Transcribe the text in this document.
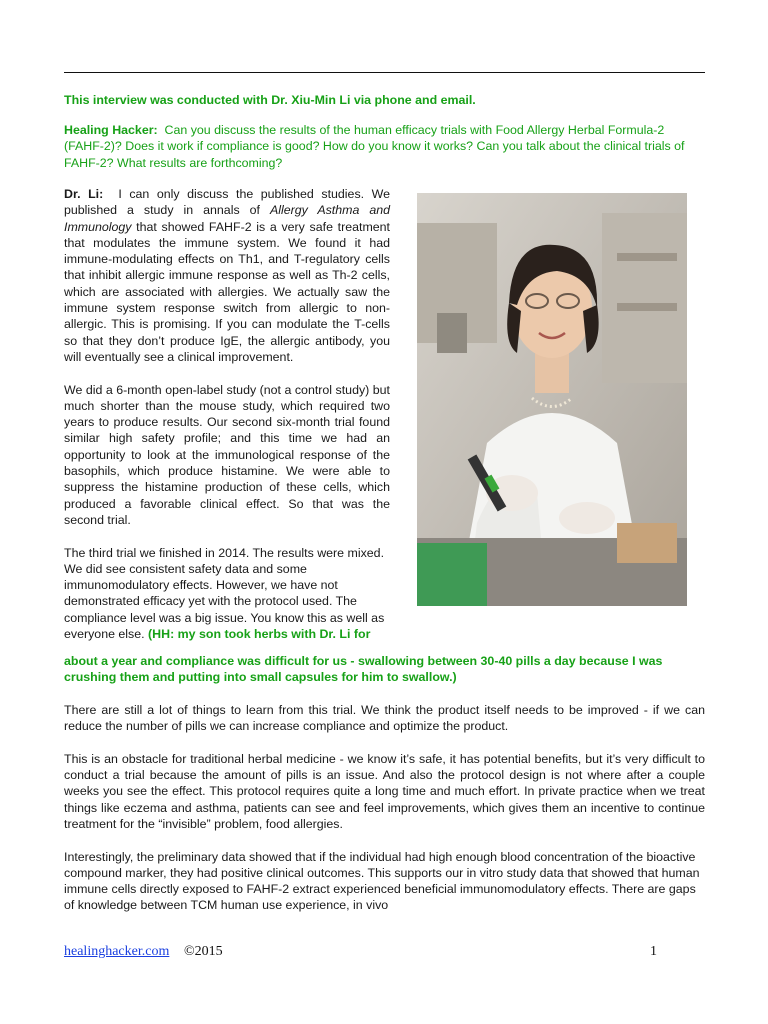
This interview was conducted with Dr. Xiu-Min Li via phone and email.
Healing Hacker: Can you discuss the results of the human efficacy trials with Food Allergy Herbal Formula-2 (FAHF-2)? Does it work if compliance is good? How do you know it works? Can you talk about the clinical trials of FAHF-2? What results are forthcoming?

Dr. Li: I can only discuss the published studies. We published a study in annals of Allergy Asthma and Immunology that showed FAHF-2 is a very safe treatment that modulates the immune system. We found it had immune-modulating effects on Th1, and T-regulatory cells that inhibit allergic immune response as well as Th-2 cells, which are associated with allergies. We actually saw the immune system response switch from allergic to non-allergic. This is promising. If you can modulate the T-cells so that they don’t produce IgE, the allergic antibody, you will eventually see a clinical improvement.

We did a 6-month open-label study (not a control study) but much shorter than the mouse study, which required two years to produce results. Our second six-month trial found similar high safety profile; and this time we had an opportunity to look at the immunological response of the basophils, which produce histamine. We were able to suppress the histamine production of these cells, which produced a favorable clinical effect. So that was the second trial.

The third trial we finished in 2014. The results were mixed. We did see consistent safety data and some immunomodulatory effects. However, we have not demonstrated efficacy yet with the protocol used. The compliance level was a big issue. You know this as well as everyone else. (HH: my son took herbs with Dr. Li for

about a year and compliance was difficult for us - swallowing between 30-40 pills a day because I was crushing them and putting into small capsules for him to swallow.)

There are still a lot of things to learn from this trial. We think the product itself needs to be improved - if we can reduce the number of pills we can increase compliance and optimize the product.

This is an obstacle for traditional herbal medicine - we know it’s safe, it has potential benefits, but it’s very difficult to conduct a trial because the amount of pills is an issue. And also the protocol design is not where after a couple weeks you see the effect. This protocol requires quite a long time and much effort. In private practice when we treat things like eczema and asthma, patients can see and feel improvements, which gives them an incentive to continue treatment for the “invisible” problem, food allergies.

Interestingly, the preliminary data showed that if the individual had high enough blood concentration of the bioactive compound marker, they had positive clinical outcomes. This supports our in vitro study data that showed that human immune cells directly exposed to FAHF-2 extract experienced beneficial immunomodulatory effects. There are gaps of knowledge between TCM human use experience, in vivo

healinghacker.com ©2015	1
